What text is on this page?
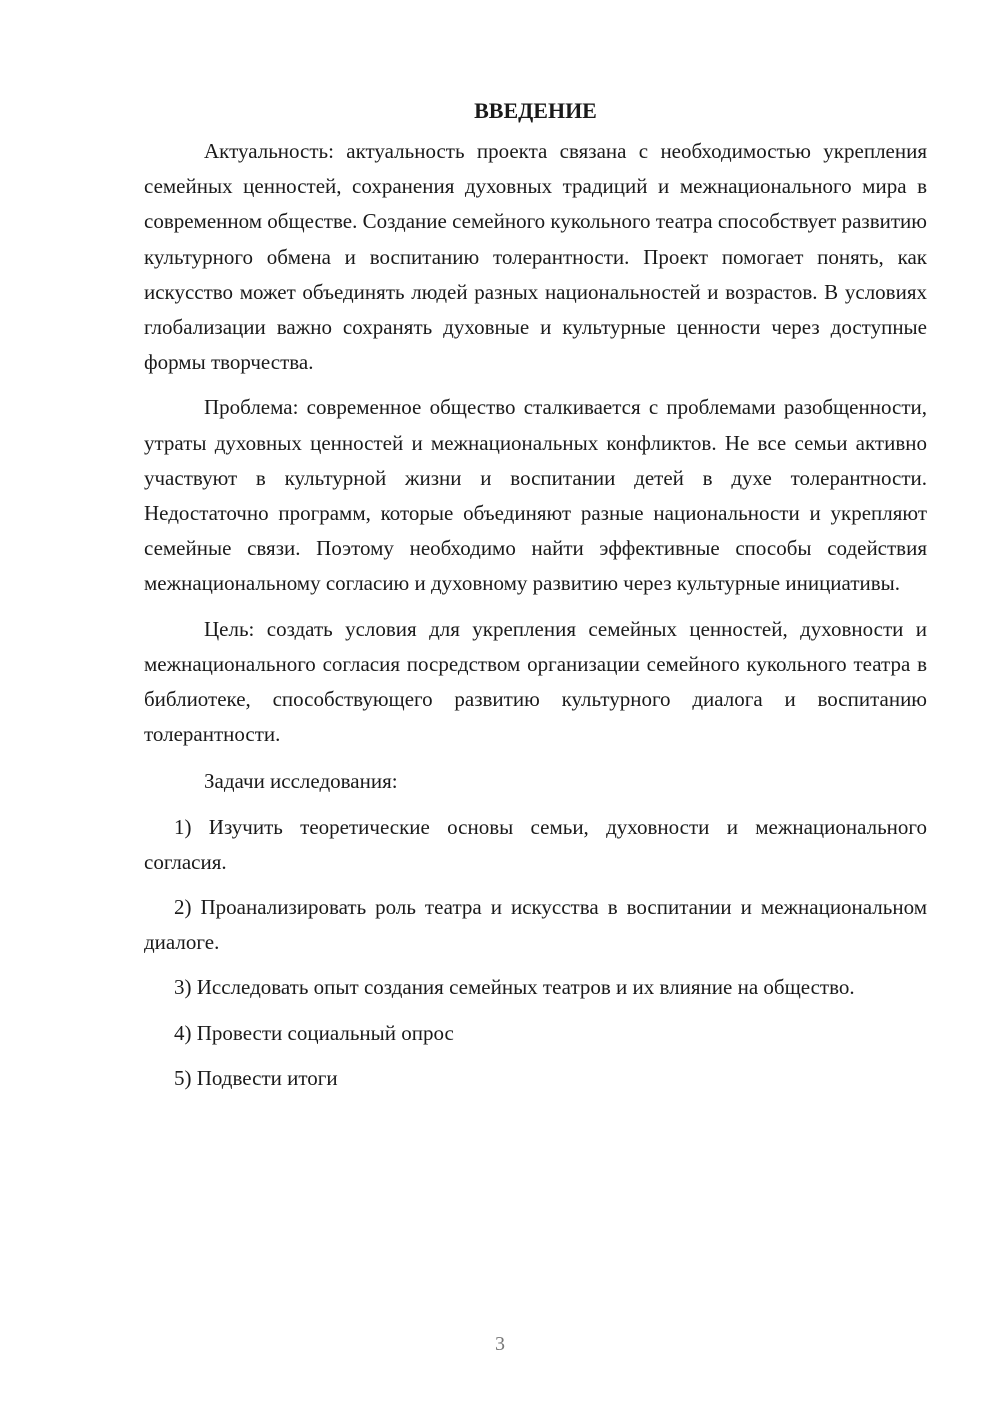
ВВЕДЕНИЕ

Актуальность: актуальность проекта связана с необходимостью укрепления семейных ценностей, сохранения духовных традиций и межнационального мира в современном обществе. Создание семейного кукольного театра способствует развитию культурного обмена и воспитанию толерантности. Проект помогает понять, как искусство может объединять людей разных национальностей и возрастов. В условиях глобализации важно сохранять духовные и культурные ценности через доступные формы творчества.

Проблема: современное общество сталкивается с проблемами разобщенности, утраты духовных ценностей и межнациональных конфликтов. Не все семьи активно участвуют в культурной жизни и воспитании детей в духе толерантности. Недостаточно программ, которые объединяют разные национальности и укрепляют семейные связи. Поэтому необходимо найти эффективные способы содействия межнациональному согласию и духовному развитию через культурные инициативы.

Цель: создать условия для укрепления семейных ценностей, духовности и межнационального согласия посредством организации семейного кукольного театра в библиотеке, способствующего развитию культурного диалога и воспитанию толерантности.

Задачи исследования:

1) Изучить теоретические основы семьи, духовности и межнационального согласия.

2) Проанализировать роль театра и искусства в воспитании и межнациональном диалоге.

3) Исследовать опыт создания семейных театров и их влияние на общество.

4) Провести социальный опрос

5) Подвести итоги

3
